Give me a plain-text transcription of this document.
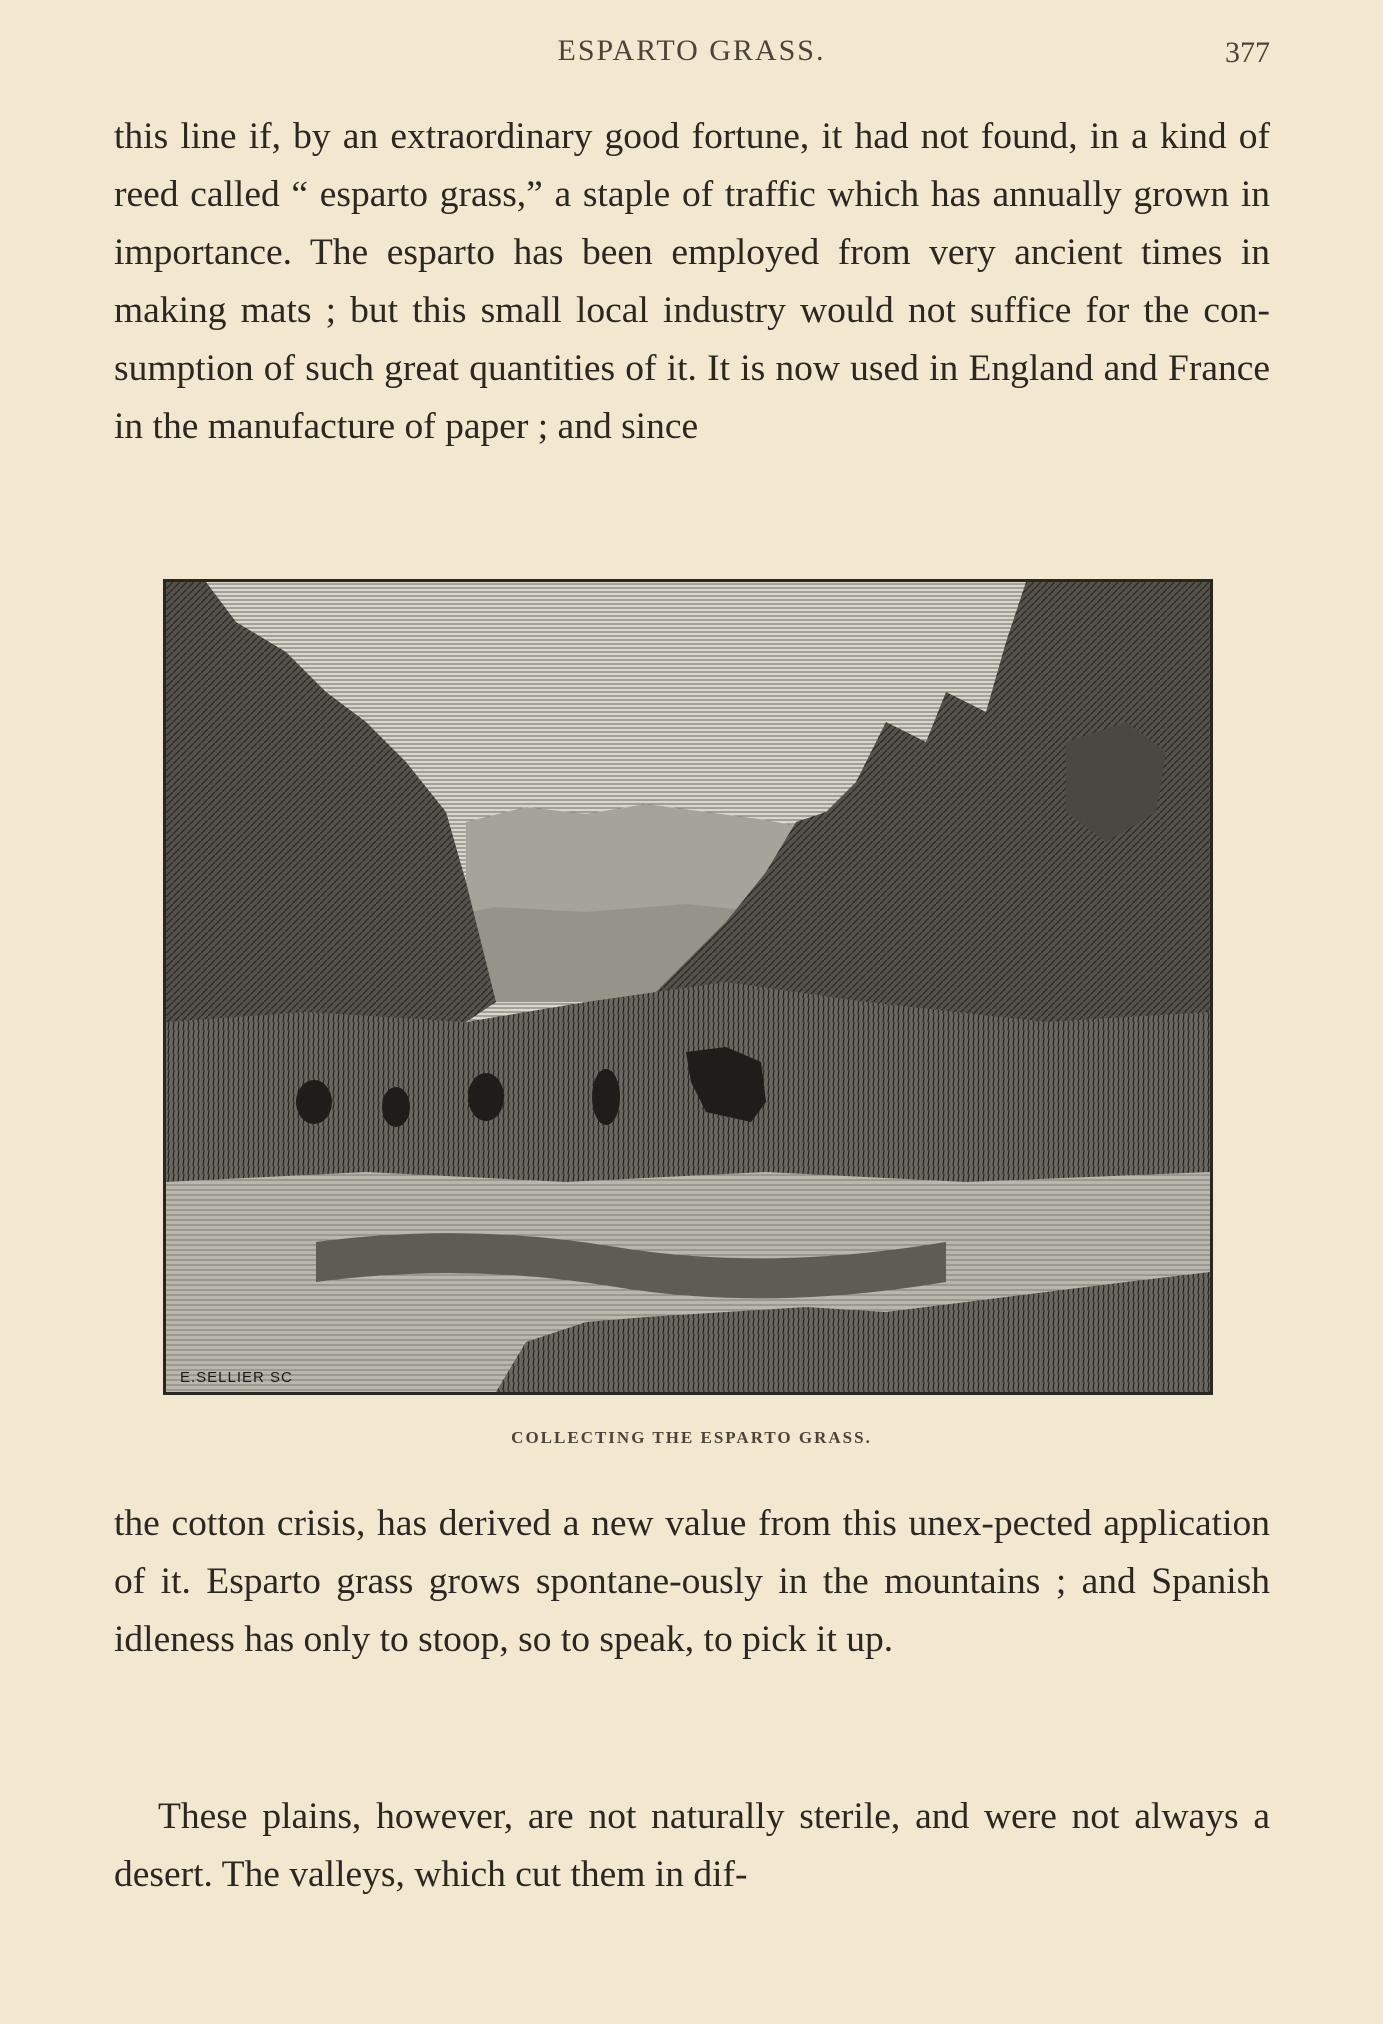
ESPARTO GRASS.	377

this line if, by an extraordinary good fortune, it had not found, in a kind of reed called “ esparto grass,” a staple of traffic which has annually grown in importance. The esparto has been employed from very ancient times in making mats ; but this small local industry would not suffice for the con-sumption of such great quantities of it. It is now used in England and France in the manufacture of paper ; and since

E.SELLIER SC
COLLECTING THE ESPARTO GRASS.

the cotton crisis, has derived a new value from this unex-pected application of it. Esparto grass grows spontane-ously in the mountains ; and Spanish idleness has only to stoop, so to speak, to pick it up.

These plains, however, are not naturally sterile, and were not always a desert. The valleys, which cut them in dif-
